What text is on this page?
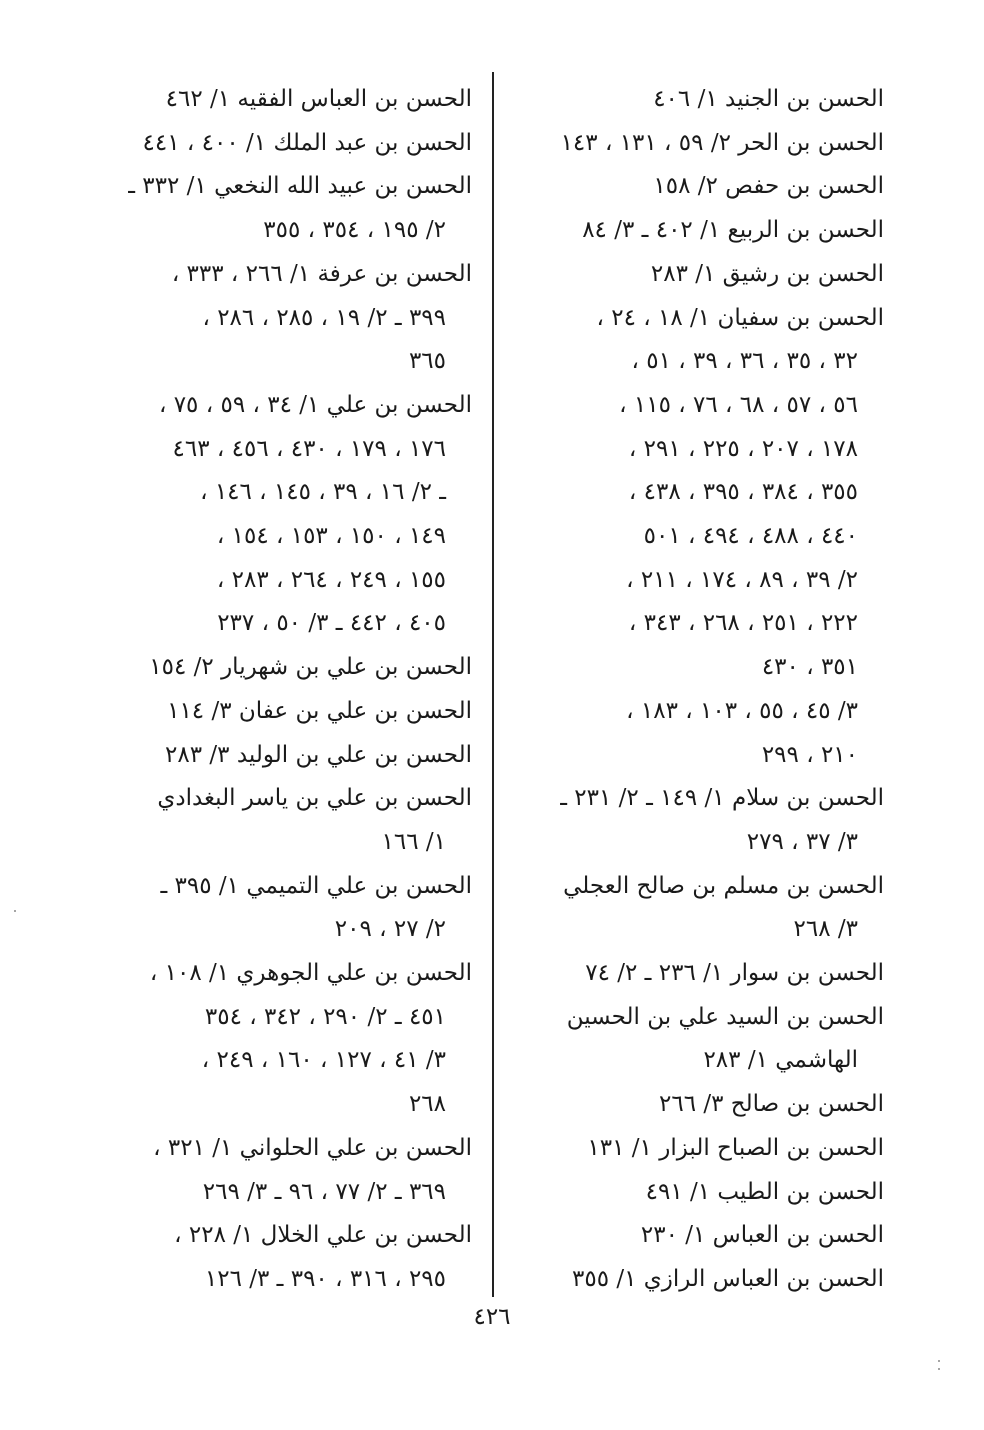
الحسن بن الجنيد ١/ ٤٠٦
الحسن بن الحر ٢/ ٥٩ ، ١٣١ ، ١٤٣
الحسن بن حفص ٢/ ١٥٨
الحسن بن الربيع ١/ ٤٠٢ ـ ٣/ ٨٤
الحسن بن رشيق ١/ ٢٨٣
الحسن بن سفيان ١/ ١٨ ، ٢٤ ،
٣٢ ، ٣٥ ، ٣٦ ، ٣٩ ، ٥١ ،
٥٦ ، ٥٧ ، ٦٨ ، ٧٦ ، ١١٥ ،
١٧٨ ، ٢٠٧ ، ٢٢٥ ، ٢٩١ ،
٣٥٥ ، ٣٨٤ ، ٣٩٥ ، ٤٣٨ ،
٤٤٠ ، ٤٨٨ ، ٤٩٤ ، ٥٠١
٢/ ٣٩ ، ٨٩ ، ١٧٤ ، ٢١١ ،
٢٢٢ ، ٢٥١ ، ٢٦٨ ، ٣٤٣ ،
٣٥١ ، ٤٣٠
٣/ ٤٥ ، ٥٥ ، ١٠٣ ، ١٨٣ ،
٢١٠ ، ٢٩٩
الحسن بن سلام ١/ ١٤٩ ـ ٢/ ٢٣١ ـ
٣/ ٣٧ ، ٢٧٩
الحسن بن مسلم بن صالح العجلي
٣/ ٢٦٨
الحسن بن سوار ١/ ٢٣٦ ـ ٢/ ٧٤
الحسن بن السيد علي بن الحسين
الهاشمي ١/ ٢٨٣
الحسن بن صالح ٣/ ٢٦٦
الحسن بن الصباح البزار ١/ ١٣١
الحسن بن الطيب ١/ ٤٩١
الحسن بن العباس ١/ ٢٣٠
الحسن بن العباس الرازي ١/ ٣٥٥
الحسن بن العباس الفقيه ١/ ٤٦٢
الحسن بن عبد الملك ١/ ٤٠٠ ، ٤٤١
الحسن بن عبيد الله النخعي ١/ ٣٣٢ ـ
٢/ ١٩٥ ، ٣٥٤ ، ٣٥٥
الحسن بن عرفة ١/ ٢٦٦ ، ٣٣٣ ،
٣٩٩ ـ ٢/ ١٩ ، ٢٨٥ ، ٢٨٦ ،
٣٦٥
الحسن بن علي ١/ ٣٤ ، ٥٩ ، ٧٥ ،
١٧٦ ، ١٧٩ ، ٤٣٠ ، ٤٥٦ ، ٤٦٣
ـ ٢/ ١٦ ، ٣٩ ، ١٤٥ ، ١٤٦ ،
١٤٩ ، ١٥٠ ، ١٥٣ ، ١٥٤ ،
١٥٥ ، ٢٤٩ ، ٢٦٤ ، ٢٨٣ ،
٤٠٥ ، ٤٤٢ ـ ٣/ ٥٠ ، ٢٣٧
الحسن بن علي بن شهريار ٢/ ١٥٤
الحسن بن علي بن عفان ٣/ ١١٤
الحسن بن علي بن الوليد ٣/ ٢٨٣
الحسن بن علي بن ياسر البغدادي
١/ ١٦٦
الحسن بن علي التميمي ١/ ٣٩٥ ـ
٢/ ٢٧ ، ٢٠٩
الحسن بن علي الجوهري ١/ ١٠٨ ،
٤٥١ ـ ٢/ ٢٩٠ ، ٣٤٢ ، ٣٥٤
٣/ ٤١ ، ١٢٧ ، ١٦٠ ، ٢٤٩ ،
٢٦٨
الحسن بن علي الحلواني ١/ ٣٢١ ،
٣٦٩ ـ ٢/ ٧٧ ، ٩٦ ـ ٣/ ٢٦٩
الحسن بن علي الخلال ١/ ٢٢٨ ،
٢٩٥ ، ٣١٦ ، ٣٩٠ ـ ٣/ ١٢٦
٤٢٦
